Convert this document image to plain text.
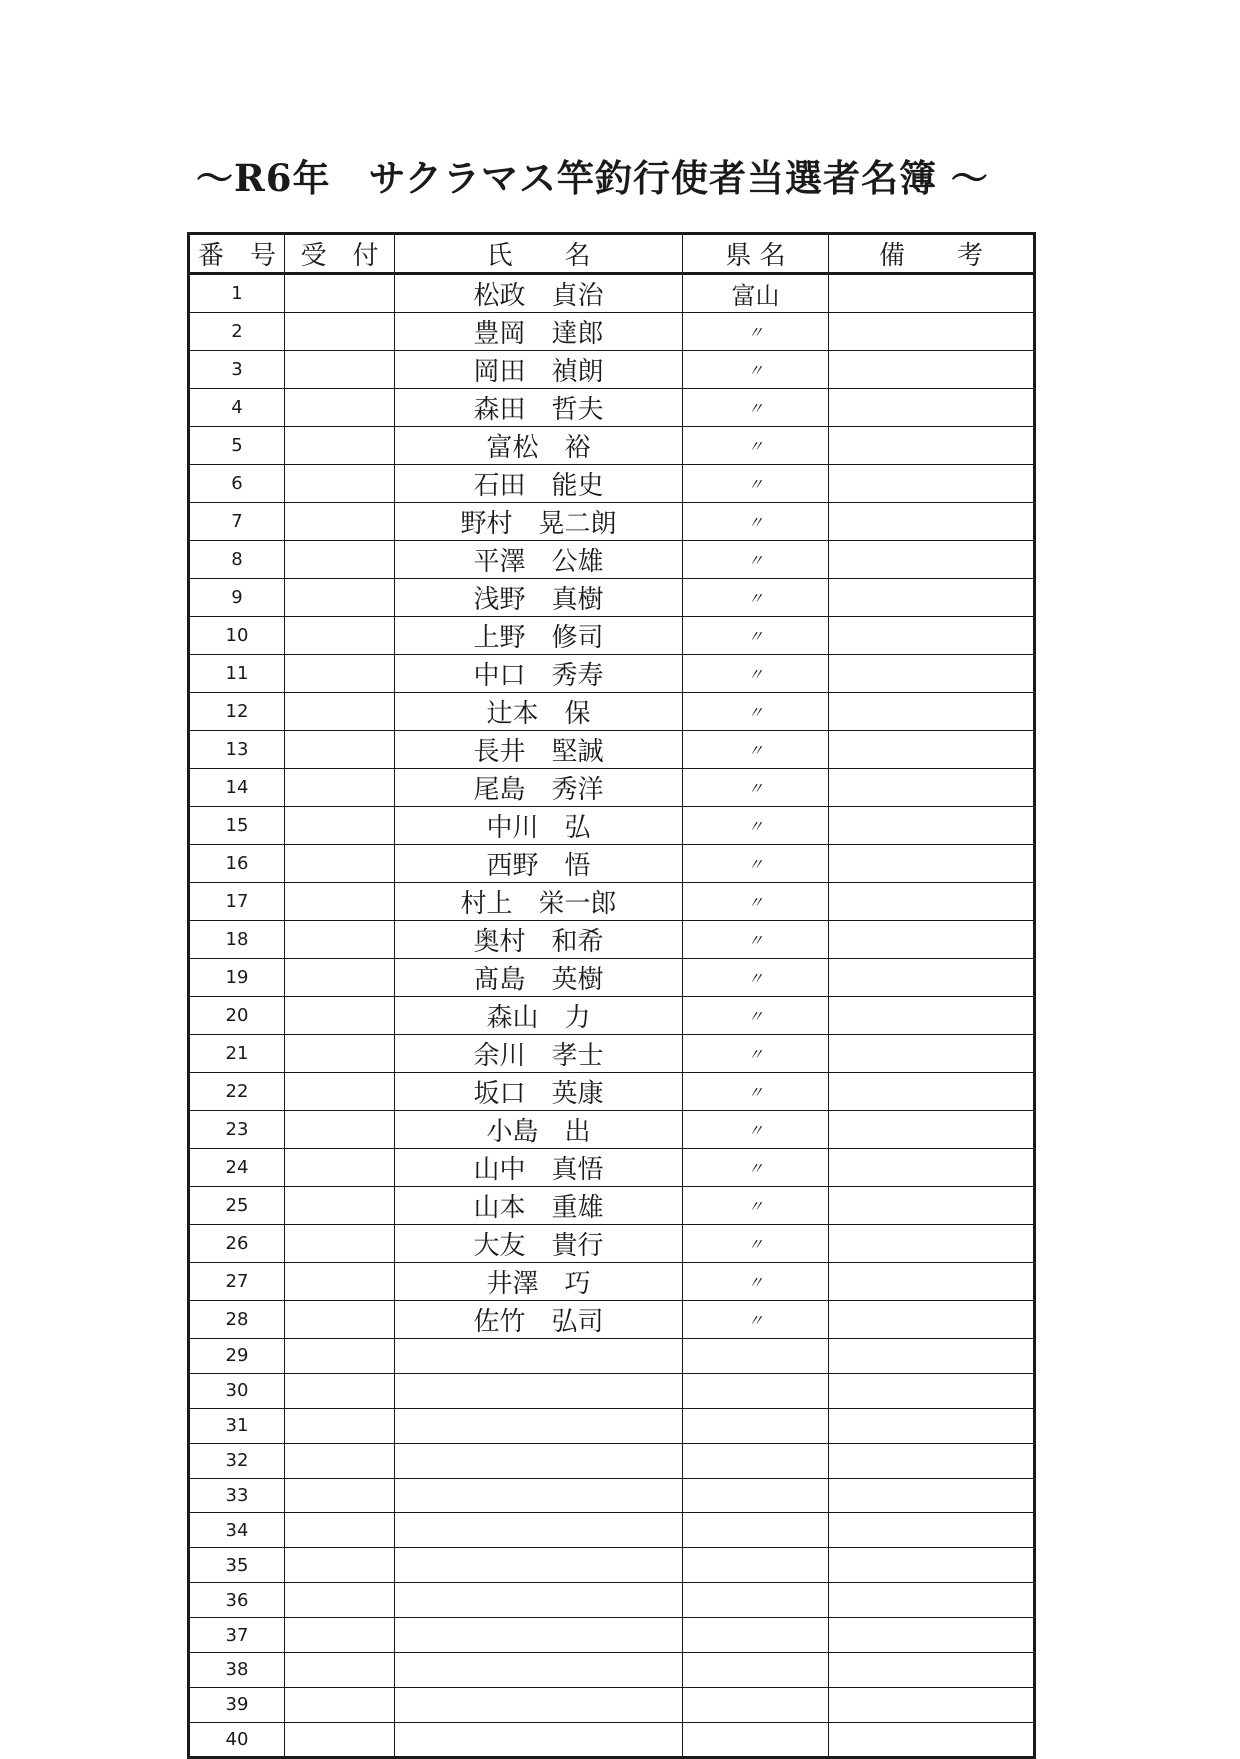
～R6年　サクラマス竿釣行使者当選者名簿 ～
番　号	受　付	氏　　名	県 名	備　　考
1		松政　貞治	富山	
2		豊岡　達郎	〃	
3		岡田　禎朗	〃	
4		森田　哲夫	〃	
5		富松　裕	〃	
6		石田　能史	〃	
7		野村　晃二朗	〃	
8		平澤　公雄	〃	
9		浅野　真樹	〃	
10		上野　修司	〃	
11		中口　秀寿	〃	
12		辻本　保	〃	
13		長井　堅誠	〃	
14		尾島　秀洋	〃	
15		中川　弘	〃	
16		西野　悟	〃	
17		村上　栄一郎	〃	
18		奥村　和希	〃	
19		髙島　英樹	〃	
20		森山　力	〃	
21		余川　孝士	〃	
22		坂口　英康	〃	
23		小島　出	〃	
24		山中　真悟	〃	
25		山本　重雄	〃	
26		大友　貴行	〃	
27		井澤　巧	〃	
28		佐竹　弘司	〃	
29				
30				
31				
32				
33				
34				
35				
36				
37				
38				
39				
40				
